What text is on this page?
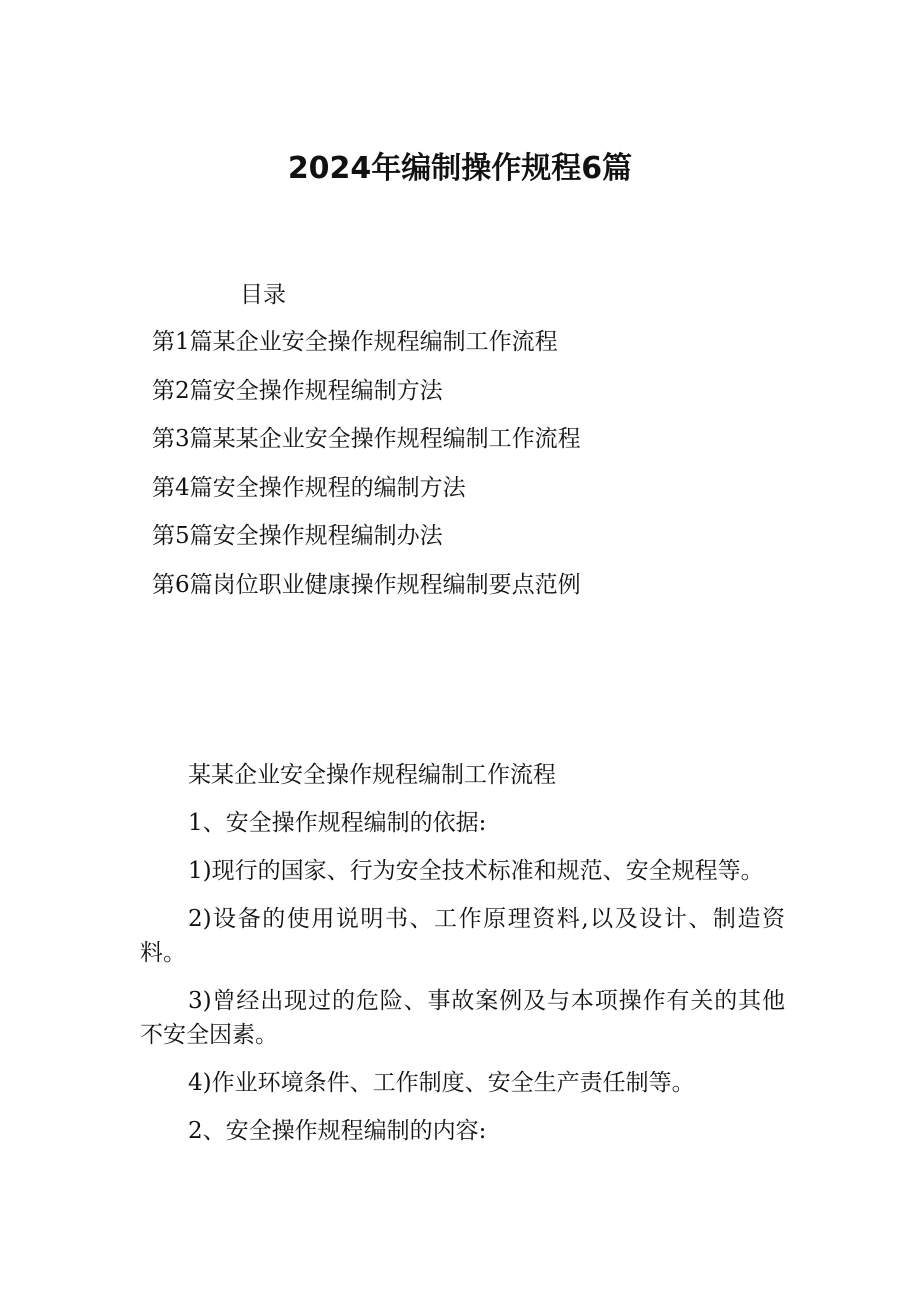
2024年编制操作规程6篇
目录
第1篇某企业安全操作规程编制工作流程
第2篇安全操作规程编制方法
第3篇某某企业安全操作规程编制工作流程
第4篇安全操作规程的编制方法
第5篇安全操作规程编制办法
第6篇岗位职业健康操作规程编制要点范例

某某企业安全操作规程编制工作流程

1、安全操作规程编制的依据:

1)现行的国家、行为安全技术标准和规范、安全规程等。

2)设备的使用说明书、工作原理资料,以及设计、制造资料。

3)曾经出现过的危险、事故案例及与本项操作有关的其他不安全因素。

4)作业环境条件、工作制度、安全生产责任制等。

2、安全操作规程编制的内容:
